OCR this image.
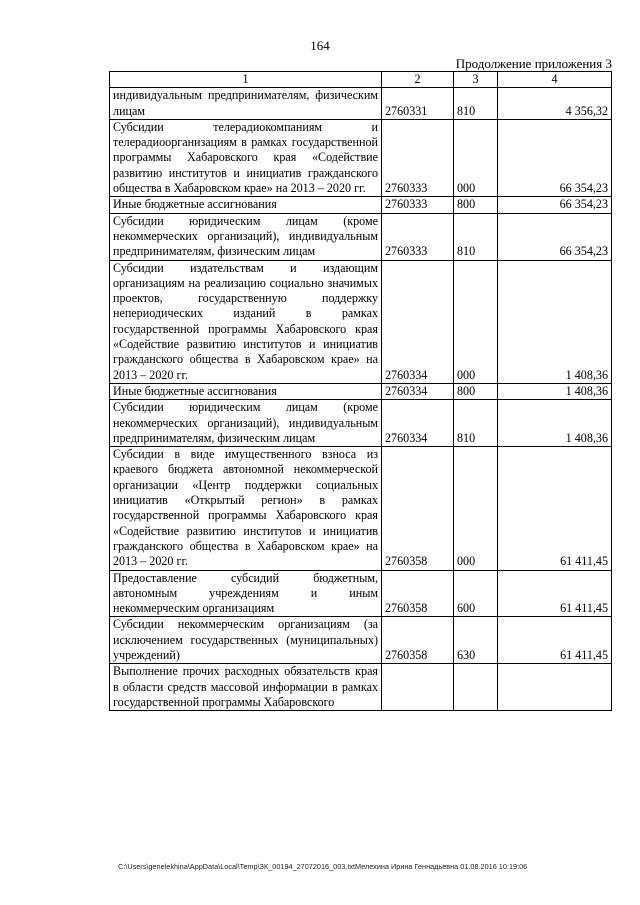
164
Продолжение приложения 3
1	2	3	4
индивидуальным предпринимателям, физическим лицам	2760331	810	4 356,32
Субсидии телерадиокомпаниям и телерадиоорганизациям в рамках государственной программы Хабаровского края «Содействие развитию институтов и инициатив гражданского общества в Хабаровском крае» на 2013 – 2020 гг.	2760333	000	66 354,23
Иные бюджетные ассигнования	2760333	800	66 354,23
Субсидии юридическим лицам (кроме некоммерческих организаций), индивидуальным предпринимателям, физическим лицам	2760333	810	66 354,23
Субсидии издательствам и издающим организациям на реализацию социально значимых проектов, государственную поддержку непериодических изданий в рамках государственной программы Хабаровского края «Содействие развитию институтов и инициатив гражданского общества в Хабаровском крае» на 2013 – 2020 гг.	2760334	000	1 408,36
Иные бюджетные ассигнования	2760334	800	1 408,36
Субсидии юридическим лицам (кроме некоммерческих организаций), индивидуальным предпринимателям, физическим лицам	2760334	810	1 408,36
Субсидии в виде имущественного взноса из краевого бюджета автономной некоммерческой организации «Центр поддержки социальных инициатив «Открытый регион» в рамках государственной программы Хабаровского края «Содействие развитию институтов и инициатив гражданского общества в Хабаровском крае» на 2013 – 2020 гг.	2760358	000	61 411,45
Предоставление субсидий бюджетным, автономным учреждениям и иным некоммерческим организациям	2760358	600	61 411,45
Субсидии некоммерческим организациям (за исключением государственных (муниципальных) учреждений)	2760358	630	61 411,45
Выполнение прочих расходных обязательств края в области средств массовой информации в рамках государственной программы Хабаровского			
C:\Users\genelekhina\AppData\Local\Temp\ЗК_00194_27072016_003.txtМелехина Ирина Геннадьевна 01.08.2016 10:19:06
